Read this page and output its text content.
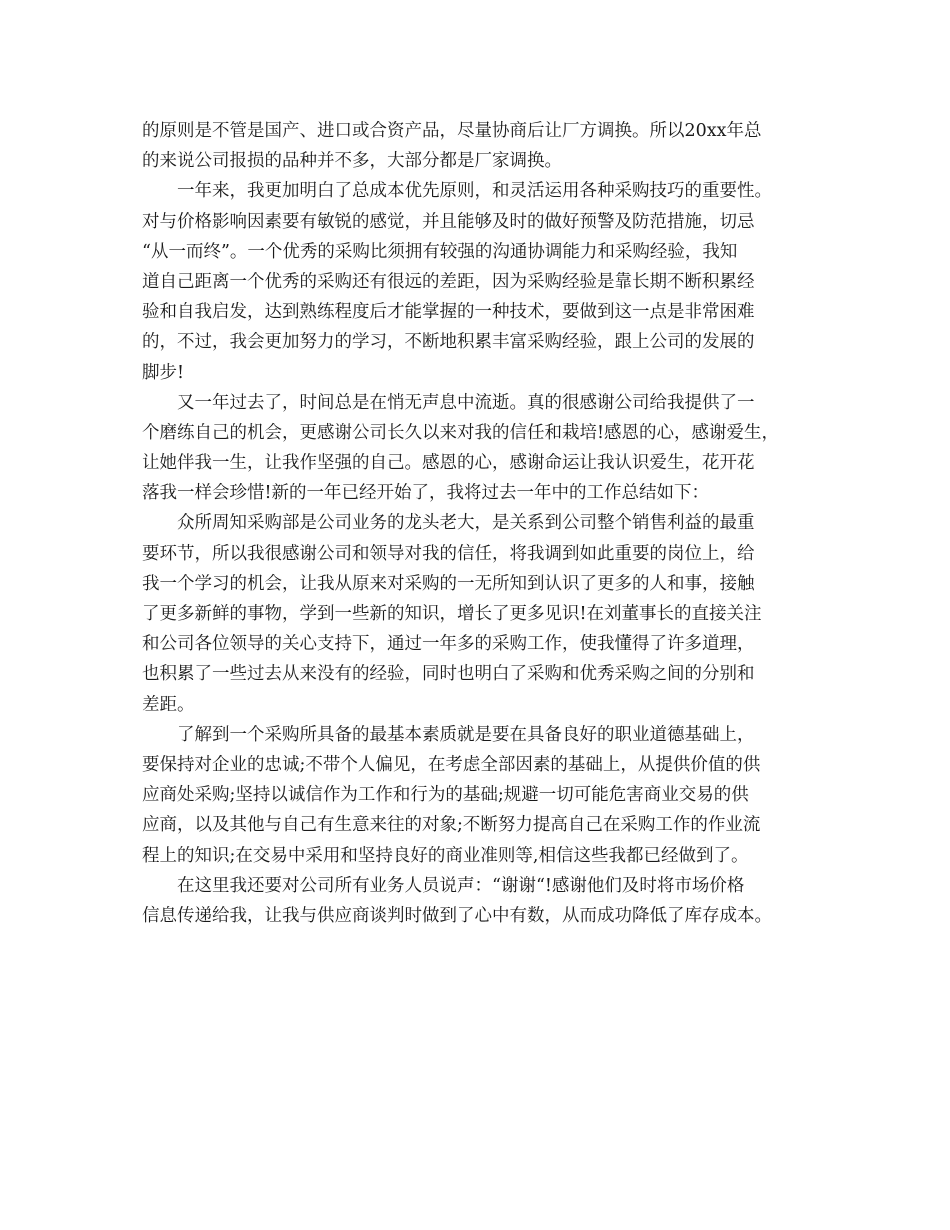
的原则是不管是国产、进口或合资产品，尽量协商后让厂方调换。所以20xx年总
的来说公司报损的品种并不多，大部分都是厂家调换。
一年来，我更加明白了总成本优先原则，和灵活运用各种采购技巧的重要性。
对与价格影响因素要有敏锐的感觉，并且能够及时的做好预警及防范措施，切忌
“从一而终”。一个优秀的采购比须拥有较强的沟通协调能力和采购经验，我知
道自己距离一个优秀的采购还有很远的差距，因为采购经验是靠长期不断积累经
验和自我启发，达到熟练程度后才能掌握的一种技术，要做到这一点是非常困难
的，不过，我会更加努力的学习，不断地积累丰富采购经验，跟上公司的发展的
脚步!
又一年过去了，时间总是在悄无声息中流逝。真的很感谢公司给我提供了一
个磨练自己的机会，更感谢公司长久以来对我的信任和栽培!感恩的心，感谢爱生，
让她伴我一生，让我作坚强的自己。感恩的心，感谢命运让我认识爱生，花开花
落我一样会珍惜!新的一年已经开始了，我将过去一年中的工作总结如下：
众所周知采购部是公司业务的龙头老大，是关系到公司整个销售利益的最重
要环节，所以我很感谢公司和领导对我的信任，将我调到如此重要的岗位上，给
我一个学习的机会，让我从原来对采购的一无所知到认识了更多的人和事，接触
了更多新鲜的事物，学到一些新的知识，增长了更多见识!在刘董事长的直接关注
和公司各位领导的关心支持下，通过一年多的采购工作，使我懂得了许多道理，
也积累了一些过去从来没有的经验，同时也明白了采购和优秀采购之间的分别和
差距。
了解到一个采购所具备的最基本素质就是要在具备良好的职业道德基础上，
要保持对企业的忠诚;不带个人偏见，在考虑全部因素的基础上，从提供价值的供
应商处采购;坚持以诚信作为工作和行为的基础;规避一切可能危害商业交易的供
应商，以及其他与自己有生意来往的对象;不断努力提高自己在采购工作的作业流
程上的知识;在交易中采用和坚持良好的商业准则等,相信这些我都已经做到了。
在这里我还要对公司所有业务人员说声：“谢谢“!感谢他们及时将市场价格
信息传递给我，让我与供应商谈判时做到了心中有数，从而成功降低了库存成本。
